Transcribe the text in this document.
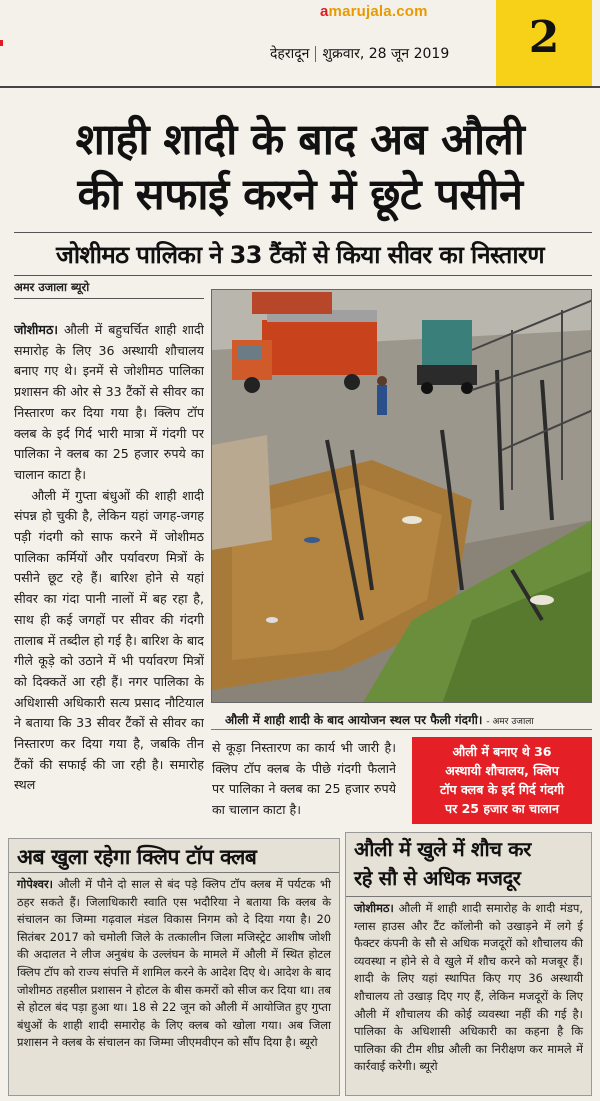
amarujala.com
देहरादून शुक्रवार, 28 जून 2019	2
शाही शादी के बाद अब औली
की सफाई करने में छूटे पसीने
जोशीमठ पालिका ने 33 टैंकों से किया सीवर का निस्तारण
अमर उजाला ब्यूरो

जोशीमठ। औली में बहुचर्चित शाही शादी समारोह के लिए 36 अस्थायी शौचालय बनाए गए थे। इनमें से जोशीमठ पालिका प्रशासन की ओर से 33 टैंकों से सीवर का निस्तारण कर दिया गया है। क्लिप टॉप क्लब के इर्द गिर्द भारी मात्रा में गंदगी पर पालिका ने क्लब का 25 हजार रुपये का चालान काटा है।

औली में गुप्ता बंधुओं की शाही शादी संपन्न हो चुकी है, लेकिन यहां जगह-जगह पड़ी गंदगी को साफ करने में जोशीमठ पालिका कर्मियों और पर्यावरण मित्रों के पसीने छूट रहे हैं। बारिश होने से यहां सीवर का गंदा पानी नालों में बह रहा है, साथ ही कई जगहों पर सीवर की गंदगी तालाब में तब्दील हो गई है। बारिश के बाद गीले कूड़े को उठाने में भी पर्यावरण मित्रों को दिक्कतें आ रही हैं। नगर पालिका के अधिशासी अधिकारी सत्य प्रसाद नौटियाल ने बताया कि 33 सीवर टैंकों से सीवर का निस्तारण कर दिया गया है, जबकि तीन टैंकों की सफाई की जा रही है। समारोह स्थल

औली में शाही शादी के बाद आयोजन स्थल पर फैली गंदगी। - अमर उजाला

से कूड़ा निस्तारण का कार्य भी जारी है। क्लिप टॉप क्लब के पीछे गंदगी फैलाने पर पालिका ने क्लब का 25 हजार रुपये का चालान काटा है।

औली में बनाए थे 36
अस्थायी शौचालय, क्लिप
टॉप क्लब के इर्द गिर्द गंदगी
पर 25 हजार का चालान
अब खुला रहेगा क्लिप टॉप क्लब
गोपेश्वर। औली में पौने दो साल से बंद पड़े क्लिप टॉप क्लब में पर्यटक भी ठहर सकते हैं। जिलाधिकारी स्वाति एस भदौरिया ने बताया कि क्लब के संचालन का जिम्मा गढ़वाल मंडल विकास निगम को दे दिया गया है। 20 सितंबर 2017 को चमोली जिले के तत्कालीन जिला मजिस्ट्रेट आशीष जोशी की अदालत ने लीज अनुबंध के उल्लंघन के मामले में औली में स्थित होटल क्लिप टॉप को राज्य संपत्ति में शामिल करने के आदेश दिए थे। आदेश के बाद जोशीमठ तहसील प्रशासन ने होटल के बीस कमरों को सीज कर दिया था। तब से होटल बंद पड़ा हुआ था। 18 से 22 जून को औली में आयोजित हुए गुप्ता बंधुओं के शाही शादी समारोह के लिए क्लब को खोला गया। अब जिला प्रशासन ने क्लब के संचालन का जिम्मा जीएमवीएन को सौंप दिया है। ब्यूरो
औली में खुले में शौच कर
रहे सौ से अधिक मजदूर
जोशीमठ। औली में शाही शादी समारोह के शादी मंडप, ग्लास हाउस और टैंट कॉलोनी को उखाड़ने में लगे ई फैक्टर कंपनी के सौ से अधिक मजदूरों को शौचालय की व्यवस्था न होने से वे खुले में शौच करने को मजबूर हैं। शादी के लिए यहां स्थापित किए गए 36 अस्थायी शौचालय तो उखाड़ दिए गए हैं, लेकिन मजदूरों के लिए औली में शौचालय की कोई व्यवस्था नहीं की गई है। पालिका के अधिशासी अधिकारी का कहना है कि पालिका की टीम शीघ्र औली का निरीक्षण कर मामले में कार्रवाई करेगी। ब्यूरो
